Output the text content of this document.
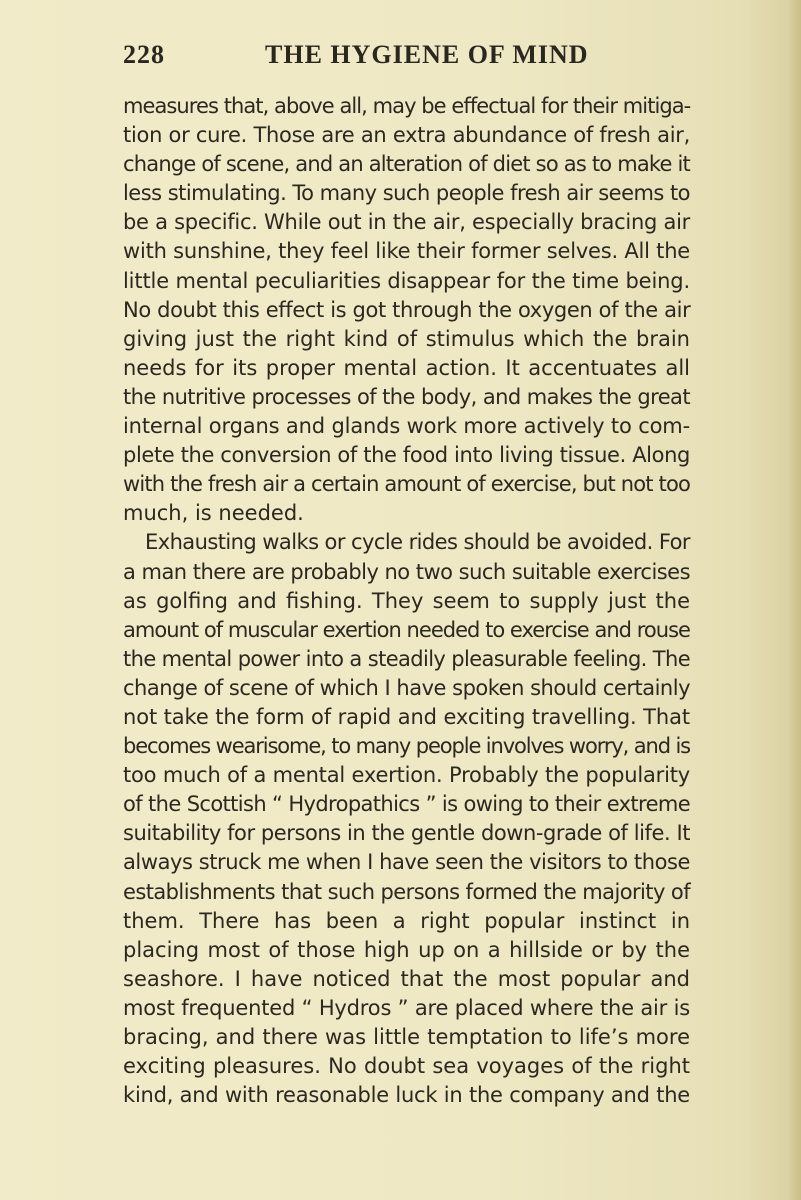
228	THE HYGIENE OF MIND
measures that, above all, may be effectual for their mitiga-
tion or cure. Those are an extra abundance of fresh air,
change of scene, and an alteration of diet so as to make it
less stimulating. To many such people fresh air seems to
be a specific. While out in the air, especially bracing air
with sunshine, they feel like their former selves. All the
little mental peculiarities disappear for the time being.
No doubt this effect is got through the oxygen of the air
giving just the right kind of stimulus which the brain
needs for its proper mental action. It accentuates all
the nutritive processes of the body, and makes the great
internal organs and glands work more actively to com-
plete the conversion of the food into living tissue. Along
with the fresh air a certain amount of exercise, but not too
much, is needed.
Exhausting walks or cycle rides should be avoided. For
a man there are probably no two such suitable exercises
as golfing and fishing. They seem to supply just the
amount of muscular exertion needed to exercise and rouse
the mental power into a steadily pleasurable feeling. The
change of scene of which I have spoken should certainly
not take the form of rapid and exciting travelling. That
becomes wearisome, to many people involves worry, and is
too much of a mental exertion. Probably the popularity
of the Scottish “ Hydropathics ” is owing to their extreme
suitability for persons in the gentle down-grade of life. It
always struck me when I have seen the visitors to those
establishments that such persons formed the majority of
them. There has been a right popular instinct in
placing most of those high up on a hillside or by the
seashore. I have noticed that the most popular and
most frequented “ Hydros ” are placed where the air is
bracing, and there was little temptation to life’s more
exciting pleasures. No doubt sea voyages of the right
kind, and with reasonable luck in the company and the
